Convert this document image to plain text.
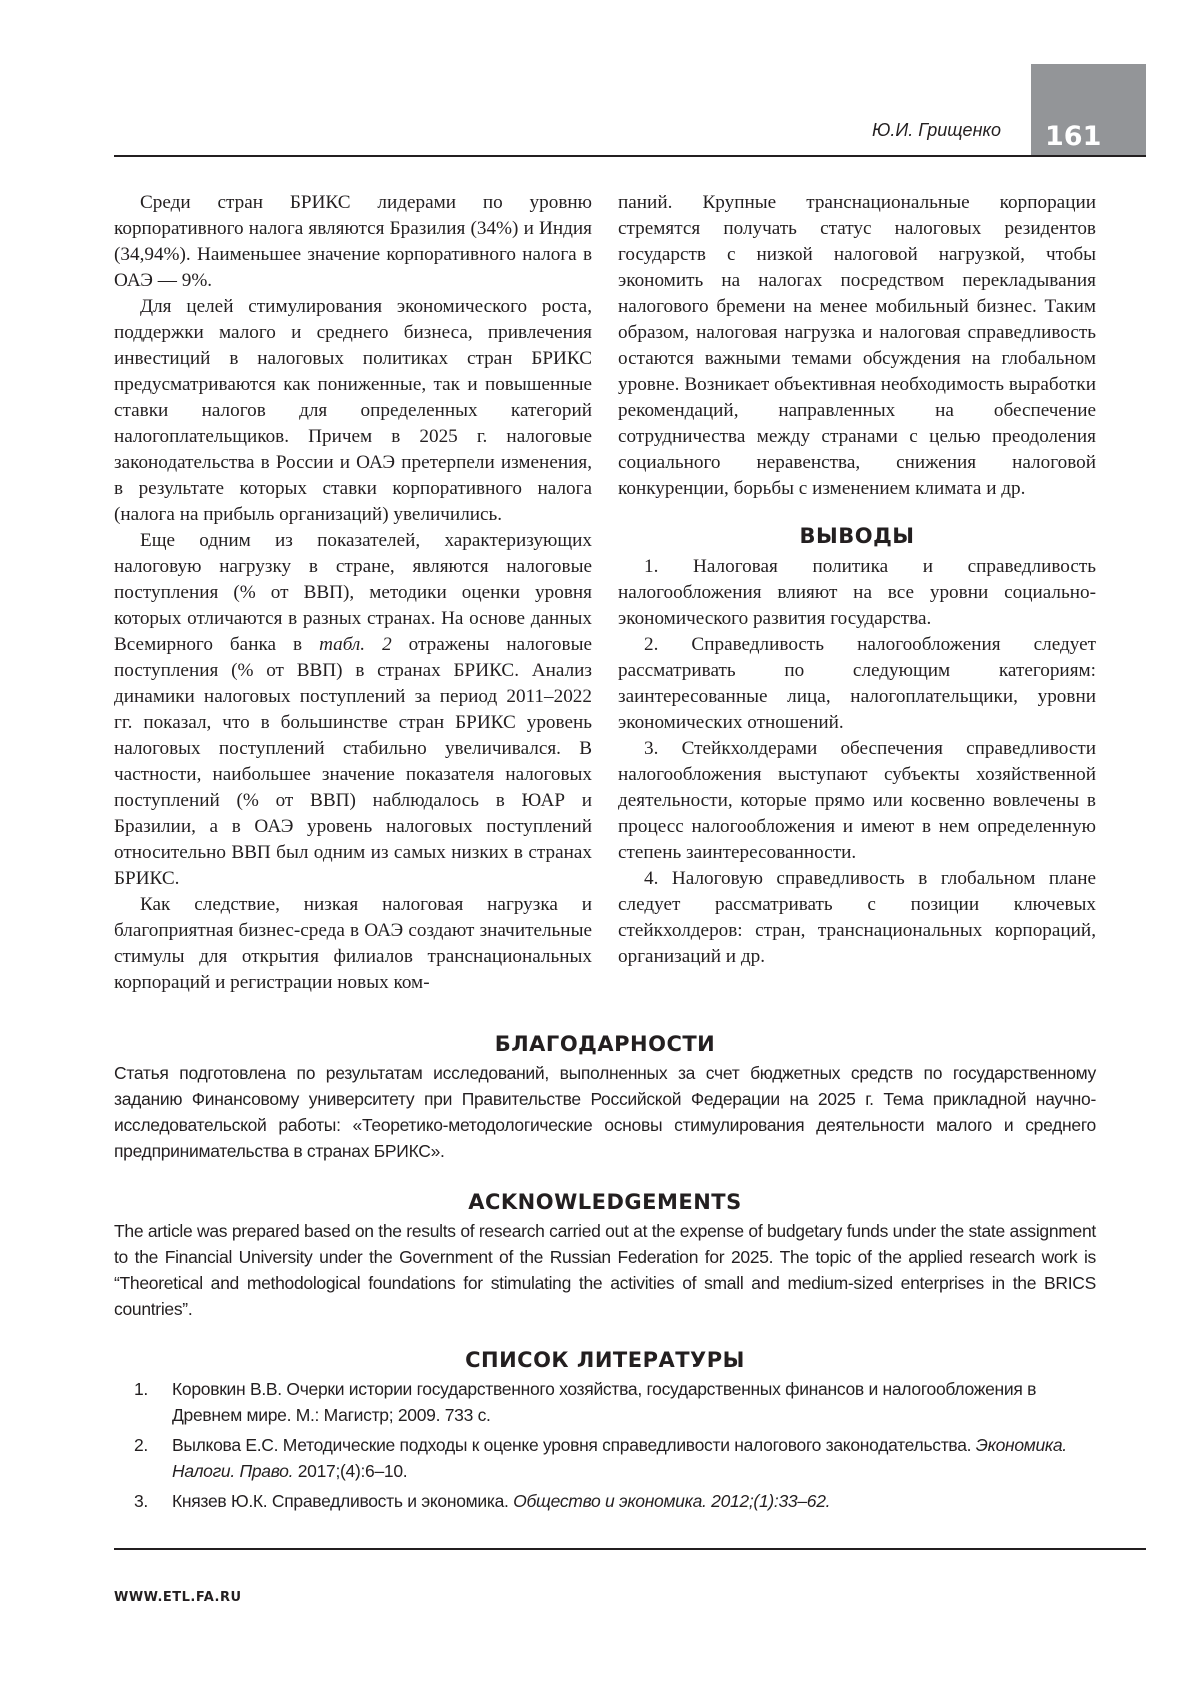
Ю.И. Грищенко 161

Среди стран БРИКС лидерами по уровню корпоративного налога являются Бразилия (34%) и Индия (34,94%). Наименьшее значение корпоративного налога в ОАЭ — 9%.

Для целей стимулирования экономического роста, поддержки малого и среднего бизнеса, привлечения инвестиций в налоговых политиках стран БРИКС предусматриваются как пониженные, так и повышенные ставки налогов для определенных категорий налогоплательщиков. Причем в 2025 г. налоговые законодательства в России и ОАЭ претерпели изменения, в результате которых ставки корпоративного налога (налога на прибыль организаций) увеличились.

Еще одним из показателей, характеризующих налоговую нагрузку в стране, являются налоговые поступления (% от ВВП), методики оценки уровня которых отличаются в разных странах. На основе данных Всемирного банка в табл. 2 отражены налоговые поступления (% от ВВП) в странах БРИКС. Анализ динамики налоговых поступлений за период 2011–2022 гг. показал, что в большинстве стран БРИКС уровень налоговых поступлений стабильно увеличивался. В частности, наибольшее значение показателя налоговых поступлений (% от ВВП) наблюдалось в ЮАР и Бразилии, а в ОАЭ уровень налоговых поступлений относительно ВВП был одним из самых низких в странах БРИКС.

Как следствие, низкая налоговая нагрузка и благоприятная бизнес-среда в ОАЭ создают значительные стимулы для открытия филиалов транснациональных корпораций и регистрации новых ком-

паний. Крупные транснациональные корпорации стремятся получать статус налоговых резидентов государств с низкой налоговой нагрузкой, чтобы экономить на налогах посредством перекладывания налогового бремени на менее мобильный бизнес. Таким образом, налоговая нагрузка и налоговая справедливость остаются важными темами обсуждения на глобальном уровне. Возникает объективная необходимость выработки рекомендаций, направленных на обеспечение сотрудничества между странами с целью преодоления социального неравенства, снижения налоговой конкуренции, борьбы с изменением климата и др.

ВЫВОДЫ

1. Налоговая политика и справедливость налогообложения влияют на все уровни социально-экономического развития государства.

2. Справедливость налогообложения следует рассматривать по следующим категориям: заинтересованные лица, налогоплательщики, уровни экономических отношений.

3. Стейкхолдерами обеспечения справедливости налогообложения выступают субъекты хозяйственной деятельности, которые прямо или косвенно вовлечены в процесс налогообложения и имеют в нем определенную степень заинтересованности.

4. Налоговую справедливость в глобальном плане следует рассматривать с позиции ключевых стейкхолдеров: стран, транснациональных корпораций, организаций и др.

БЛАГОДАРНОСТИ

Статья подготовлена по результатам исследований, выполненных за счет бюджетных средств по государственному заданию Финансовому университету при Правительстве Российской Федерации на 2025 г. Тема прикладной научно-исследовательской работы: «Теоретико-методологические основы стимулирования деятельности малого и среднего предпринимательства в странах БРИКС».

ACKNOWLEDGEMENTS

The article was prepared based on the results of research carried out at the expense of budgetary funds under the state assignment to the Financial University under the Government of the Russian Federation for 2025. The topic of the applied research work is “Theoretical and methodological foundations for stimulating the activities of small and medium-sized enterprises in the BRICS countries”.

СПИСОК ЛИТЕРАТУРЫ
1. Коровкин В.В. Очерки истории государственного хозяйства, государственных финансов и налогообложения в Древнем мире. М.: Магистр; 2009. 733 с.
2. Вылкова Е.С. Методические подходы к оценке уровня справедливости налогового законодательства. Экономика. Налоги. Право. 2017;(4):6–10.
3. Князев Ю.К. Справедливость и экономика. Общество и экономика. 2012;(1):33–62.
WWW.ETL.FA.RU
